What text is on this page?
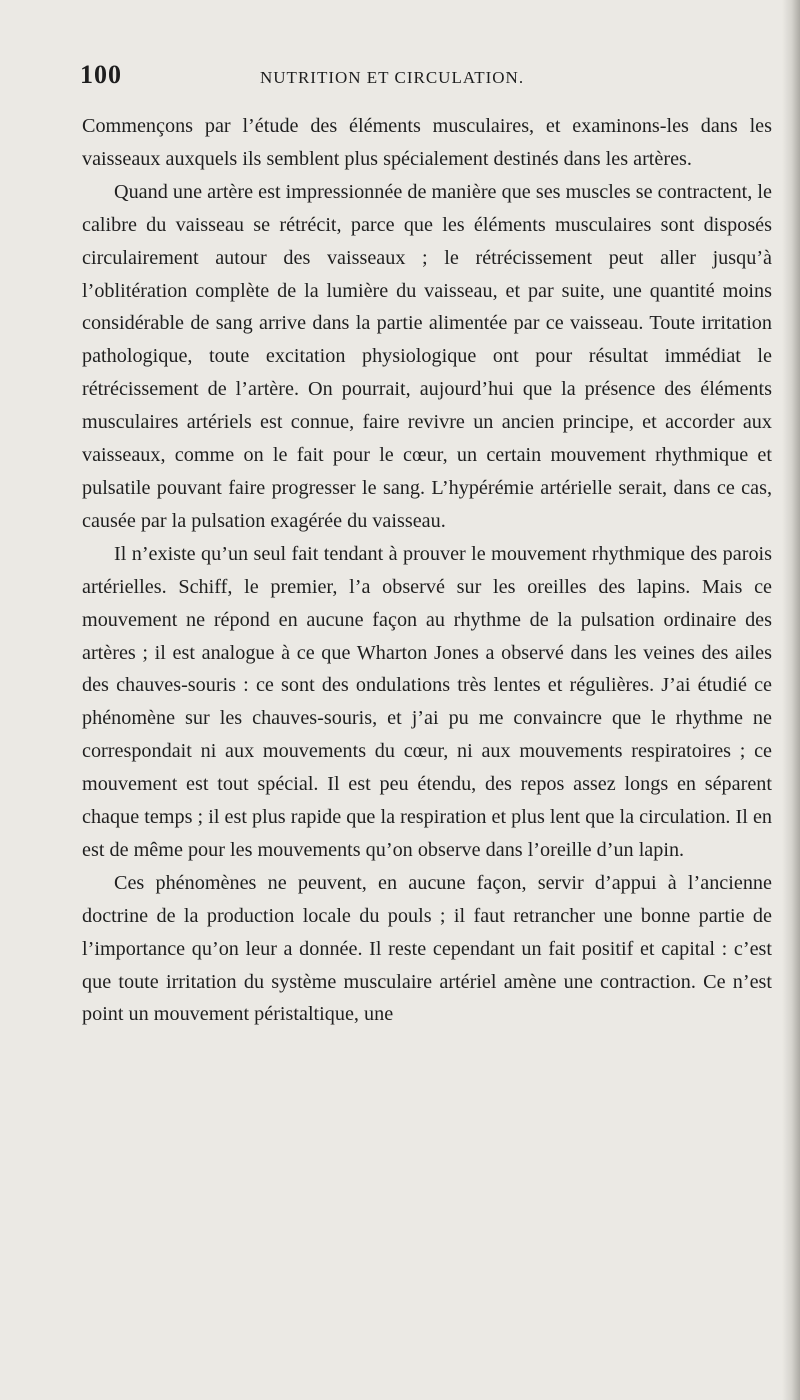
100	NUTRITION ET CIRCULATION.

Commençons par l’étude des éléments musculaires, et examinons-les dans les vaisseaux auxquels ils semblent plus spécialement destinés dans les artères.

Quand une artère est impressionnée de manière que ses muscles se contractent, le calibre du vaisseau se rétrécit, parce que les éléments musculaires sont disposés circulairement autour des vaisseaux ; le rétrécissement peut aller jusqu’à l’oblitération complète de la lumière du vaisseau, et par suite, une quantité moins considérable de sang arrive dans la partie alimentée par ce vaisseau. Toute irritation pathologique, toute excitation physiologique ont pour résultat immédiat le rétrécissement de l’artère. On pourrait, aujourd’hui que la présence des éléments musculaires artériels est connue, faire revivre un ancien principe, et accorder aux vaisseaux, comme on le fait pour le cœur, un certain mouvement rhythmique et pulsatile pouvant faire progresser le sang. L’hypérémie artérielle serait, dans ce cas, causée par la pulsation exagérée du vaisseau.

Il n’existe qu’un seul fait tendant à prouver le mouvement rhythmique des parois artérielles. Schiff, le premier, l’a observé sur les oreilles des lapins. Mais ce mouvement ne répond en aucune façon au rhythme de la pulsation ordinaire des artères ; il est analogue à ce que Wharton Jones a observé dans les veines des ailes des chauves-souris : ce sont des ondulations très lentes et régulières. J’ai étudié ce phénomène sur les chauves-souris, et j’ai pu me convaincre que le rhythme ne correspondait ni aux mouvements du cœur, ni aux mouvements respiratoires ; ce mouvement est tout spécial. Il est peu étendu, des repos assez longs en séparent chaque temps ; il est plus rapide que la respiration et plus lent que la circulation. Il en est de même pour les mouvements qu’on observe dans l’oreille d’un lapin.

Ces phénomènes ne peuvent, en aucune façon, servir d’appui à l’ancienne doctrine de la production locale du pouls ; il faut retrancher une bonne partie de l’importance qu’on leur a donnée. Il reste cependant un fait positif et capital : c’est que toute irritation du système musculaire artériel amène une contraction. Ce n’est point un mouvement péristaltique, une
